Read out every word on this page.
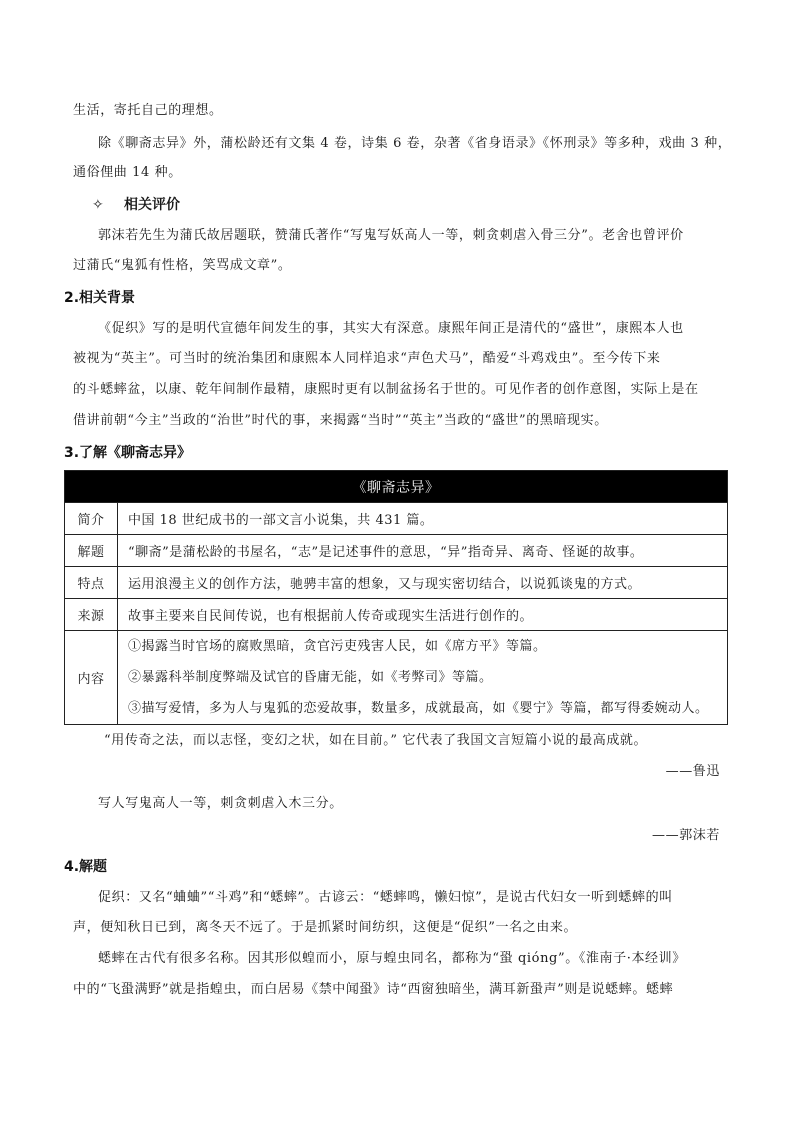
生活，寄托自己的理想。
除《聊斋志异》外，蒲松龄还有文集 4 卷，诗集 6 卷，杂著《省身语录》《怀刑录》等多种，戏曲 3 种，
通俗俚曲 14 种。
✧ 相关评价
郭沫若先生为蒲氏故居题联，赞蒲氏著作“写鬼写妖高人一等，刺贪刺虐入骨三分”。老舍也曾评价
过蒲氏“鬼狐有性格，笑骂成文章”。
2.相关背景
《促织》写的是明代宣德年间发生的事，其实大有深意。康熙年间正是清代的“盛世”，康熙本人也
被视为“英主”。可当时的统治集团和康熙本人同样追求“声色犬马”，酷爱“斗鸡戏虫”。至今传下来
的斗蟋蟀盆，以康、乾年间制作最精，康熙时更有以制盆扬名于世的。可见作者的创作意图，实际上是在
借讲前朝“今主”当政的“治世”时代的事，来揭露“当时”“英主”当政的“盛世”的黑暗现实。
3.了解《聊斋志异》
《聊斋志异》	
简介	中国 18 世纪成书的一部文言小说集，共 431 篇。
解题	“聊斋”是蒲松龄的书屋名，“志”是记述事件的意思，“异”指奇异、离奇、怪诞的故事。
特点	运用浪漫主义的创作方法，驰骋丰富的想象，又与现实密切结合，以说狐谈鬼的方式。
来源	故事主要来自民间传说，也有根据前人传奇或现实生活进行创作的。
内容	①揭露当时官场的腐败黑暗，贪官污吏残害人民，如《席方平》等篇。
②暴露科举制度弊端及试官的昏庸无能，如《考弊司》等篇。
③描写爱情，多为人与鬼狐的恋爱故事，数量多，成就最高，如《婴宁》等篇，都写得委婉动人。
“用传奇之法，而以志怪，变幻之状，如在目前。” 它代表了我国文言短篇小说的最高成就。
——鲁迅
写人写鬼高人一等，刺贪刺虐入木三分。
——郭沫若
4.解题
促织：又名“蛐蛐”“斗鸡”和“蟋蟀”。古谚云：“蟋蟀鸣，懒妇惊”，是说古代妇女一听到蟋蟀的叫
声，便知秋日已到，离冬天不远了。于是抓紧时间纺织，这便是“促织”一名之由来。
蟋蟀在古代有很多名称。因其形似蝗而小，原与蝗虫同名，都称为“蛩 qióng”。《淮南子·本经训》
中的“飞蛩满野”就是指蝗虫，而白居易《禁中闻蛩》诗“西窗独暗坐，满耳新蛩声”则是说蟋蟀。蟋蟀
